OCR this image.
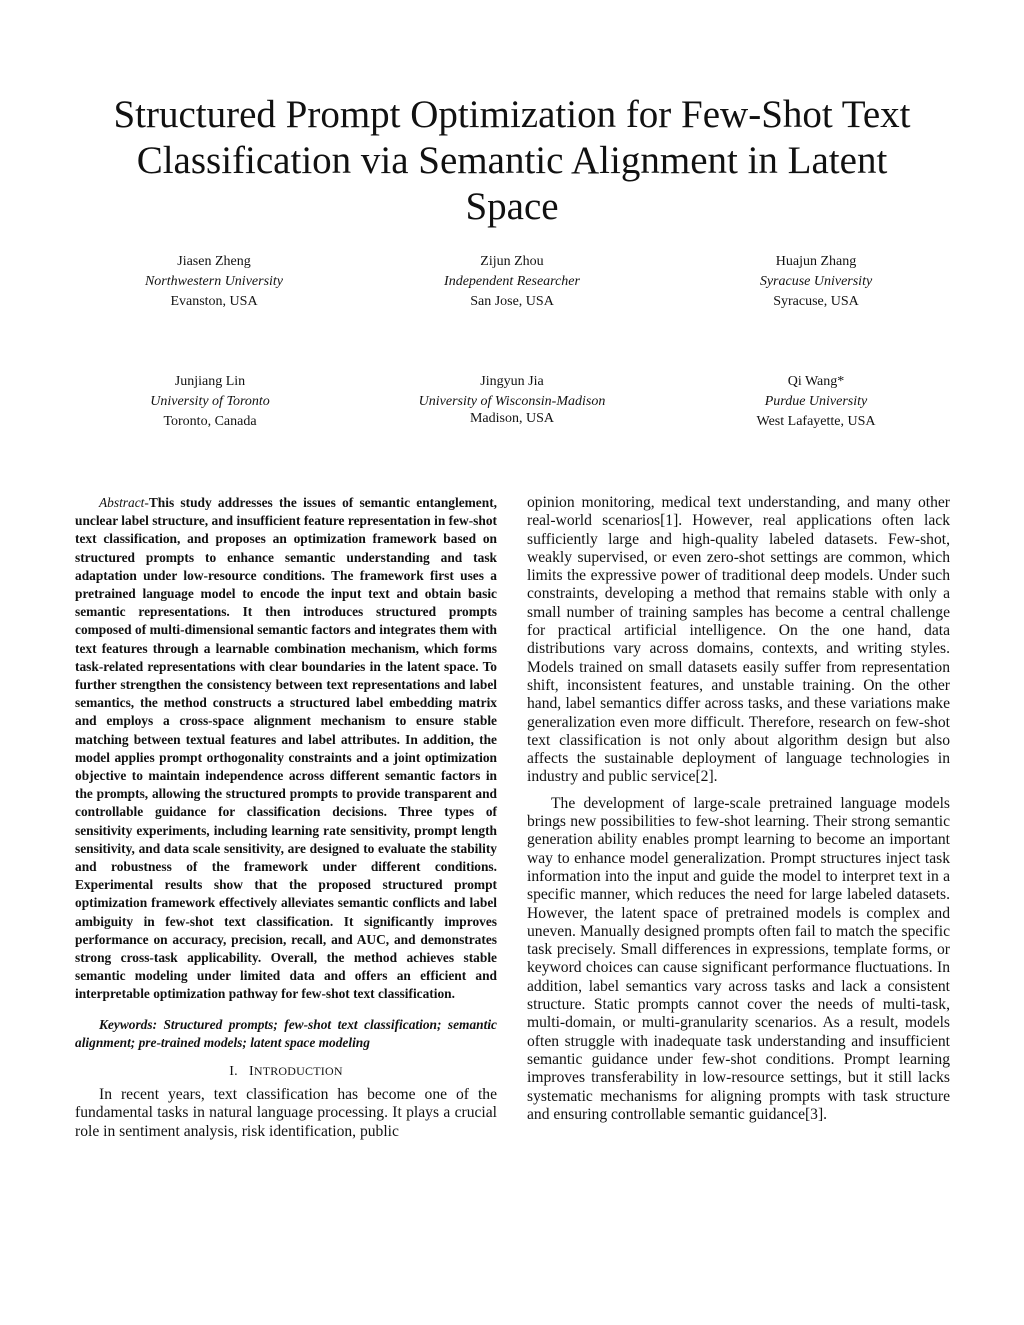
Structured Prompt Optimization for Few-Shot Text
Classification via Semantic Alignment in Latent
Space
Jiasen Zheng
Northwestern University
Evanston, USA
Zijun Zhou
Independent Researcher
San Jose, USA
Huajun Zhang
Syracuse University
Syracuse, USA
Junjiang Lin
University of Toronto
Toronto, Canada
Jingyun Jia
University of Wisconsin-Madison
Madison, USA
Qi Wang*
Purdue University
West Lafayette, USA

Abstract-This study addresses the issues of semantic entanglement, unclear label structure, and insufficient feature representation in few-shot text classification, and proposes an optimization framework based on structured prompts to enhance semantic understanding and task adaptation under low-resource conditions. The framework first uses a pretrained language model to encode the input text and obtain basic semantic representations. It then introduces structured prompts composed of multi-dimensional semantic factors and integrates them with text features through a learnable combination mechanism, which forms task-related representations with clear boundaries in the latent space. To further strengthen the consistency between text representations and label semantics, the method constructs a structured label embedding matrix and employs a cross-space alignment mechanism to ensure stable matching between textual features and label attributes. In addition, the model applies prompt orthogonality constraints and a joint optimization objective to maintain independence across different semantic factors in the prompts, allowing the structured prompts to provide transparent and controllable guidance for classification decisions. Three types of sensitivity experiments, including learning rate sensitivity, prompt length sensitivity, and data scale sensitivity, are designed to evaluate the stability and robustness of the framework under different conditions. Experimental results show that the proposed structured prompt optimization framework effectively alleviates semantic conflicts and label ambiguity in few-shot text classification. It significantly improves performance on accuracy, precision, recall, and AUC, and demonstrates strong cross-task applicability. Overall, the method achieves stable semantic modeling under limited data and offers an efficient and interpretable optimization pathway for few-shot text classification.

Keywords: Structured prompts; few-shot text classification; semantic alignment; pre-trained models; latent space modeling

I. INTRODUCTION

In recent years, text classification has become one of the fundamental tasks in natural language processing. It plays a crucial role in sentiment analysis, risk identification, public

opinion monitoring, medical text understanding, and many other real-world scenarios[1]. However, real applications often lack sufficiently large and high-quality labeled datasets. Few-shot, weakly supervised, or even zero-shot settings are common, which limits the expressive power of traditional deep models. Under such constraints, developing a method that remains stable with only a small number of training samples has become a central challenge for practical artificial intelligence. On the one hand, data distributions vary across domains, contexts, and writing styles. Models trained on small datasets easily suffer from representation shift, inconsistent features, and unstable training. On the other hand, label semantics differ across tasks, and these variations make generalization even more difficult. Therefore, research on few-shot text classification is not only about algorithm design but also affects the sustainable deployment of language technologies in industry and public service[2].

The development of large-scale pretrained language models brings new possibilities to few-shot learning. Their strong semantic generation ability enables prompt learning to become an important way to enhance model generalization. Prompt structures inject task information into the input and guide the model to interpret text in a specific manner, which reduces the need for large labeled datasets. However, the latent space of pretrained models is complex and uneven. Manually designed prompts often fail to match the specific task precisely. Small differences in expressions, template forms, or keyword choices can cause significant performance fluctuations. In addition, label semantics vary across tasks and lack a consistent structure. Static prompts cannot cover the needs of multi-task, multi-domain, or multi-granularity scenarios. As a result, models often struggle with inadequate task understanding and insufficient semantic guidance under few-shot conditions. Prompt learning improves transferability in low-resource settings, but it still lacks systematic mechanisms for aligning prompts with task structure and ensuring controllable semantic guidance[3].
